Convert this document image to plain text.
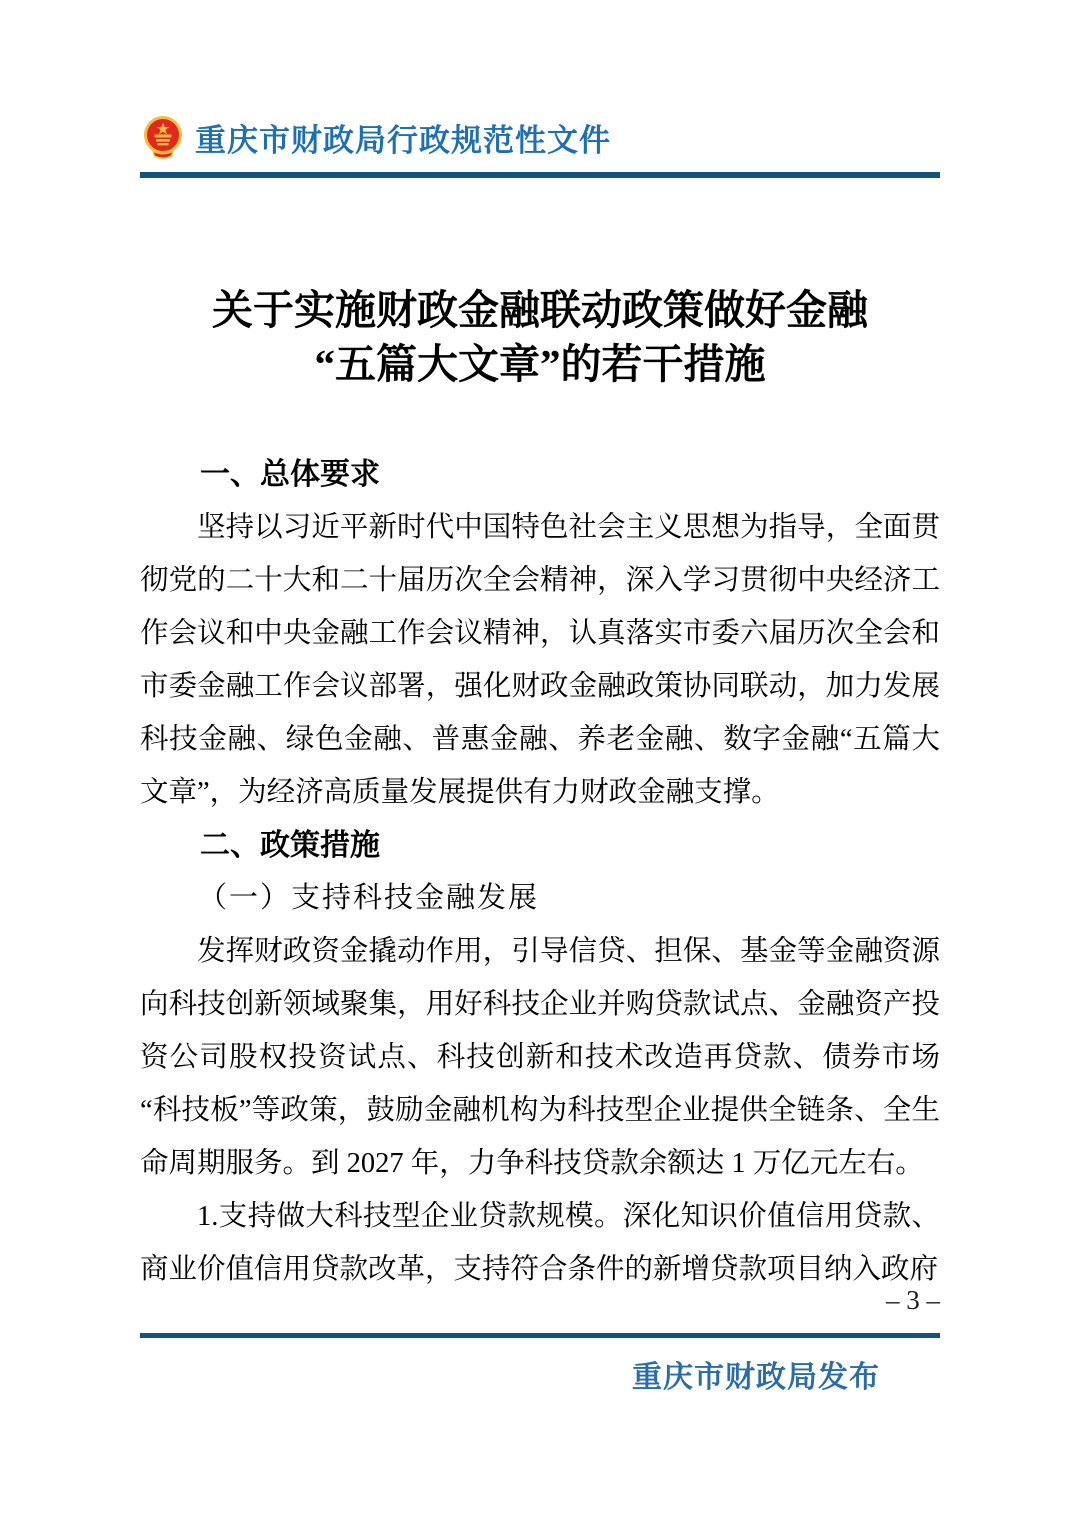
重庆市财政局行政规范性文件
关于实施财政金融联动政策做好金融
“五篇大文章”的若干措施
一、总体要求

坚持以习近平新时代中国特色社会主义思想为指导，全面贯彻党的二十大和二十届历次全会精神，深入学习贯彻中央经济工作会议和中央金融工作会议精神，认真落实市委六届历次全会和市委金融工作会议部署，强化财政金融政策协同联动，加力发展科技金融、绿色金融、普惠金融、养老金融、数字金融“五篇大文章”，为经济高质量发展提供有力财政金融支撑。

二、政策措施
（一）支持科技金融发展

发挥财政资金撬动作用，引导信贷、担保、基金等金融资源向科技创新领域聚集，用好科技企业并购贷款试点、金融资产投资公司股权投资试点、科技创新和技术改造再贷款、债券市场“科技板”等政策，鼓励金融机构为科技型企业提供全链条、全生命周期服务。到 2027 年，力争科技贷款余额达 1 万亿元左右。

1.支持做大科技型企业贷款规模。深化知识价值信用贷款、商业价值信用贷款改革，支持符合条件的新增贷款项目纳入政府

– 3 –
重庆市财政局发布
